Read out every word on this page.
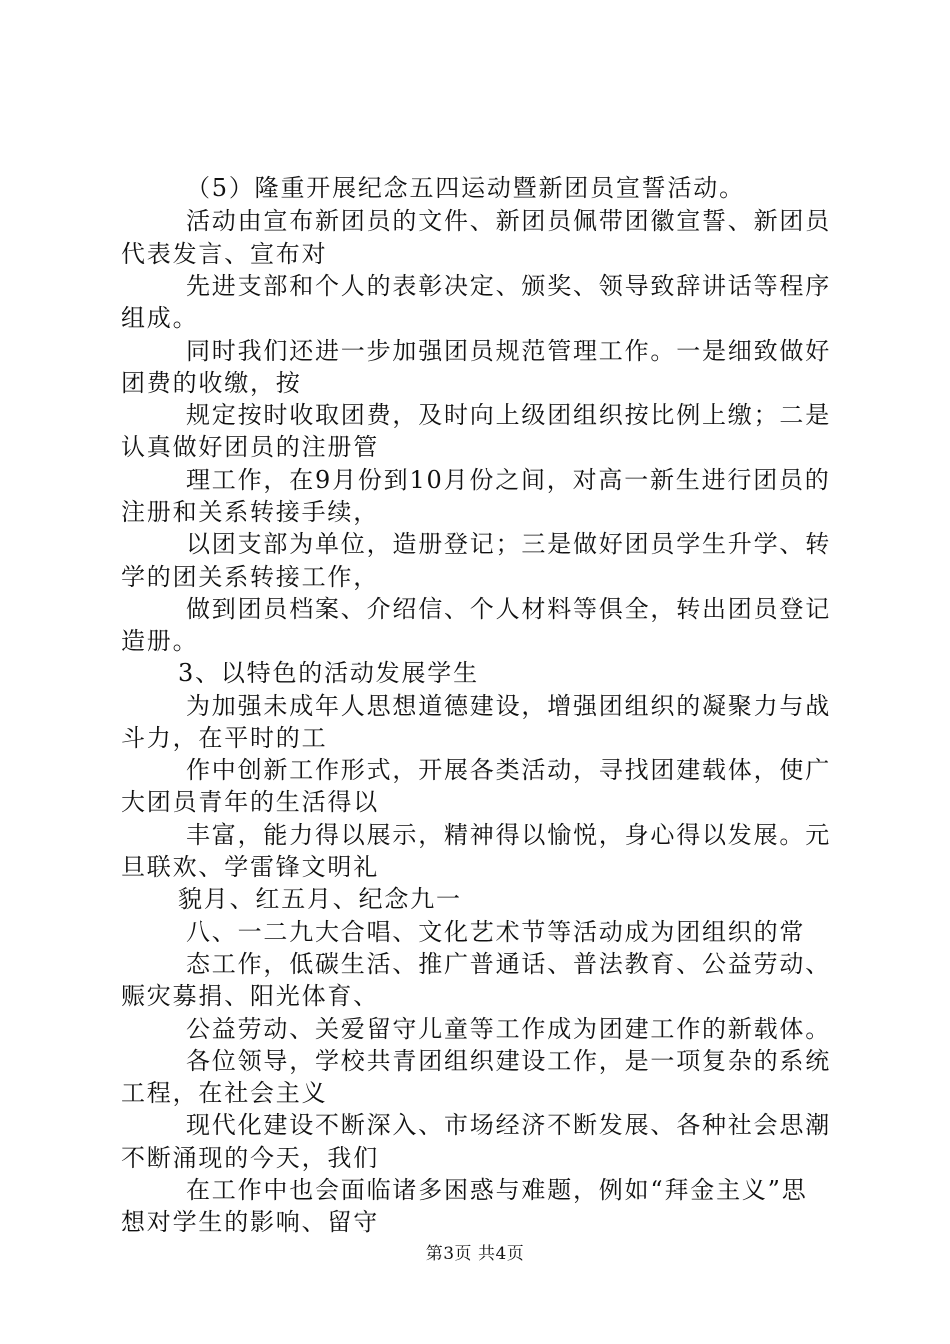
（5）隆重开展纪念五四运动暨新团员宣誓活动。
活动由宣布新团员的文件、新团员佩带团徽宣誓、新团员
代表发言、宣布对
先进支部和个人的表彰决定、颁奖、领导致辞讲话等程序
组成。
同时我们还进一步加强团员规范管理工作。一是细致做好
团费的收缴，按
规定按时收取团费，及时向上级团组织按比例上缴；二是
认真做好团员的注册管
理工作，在9月份到10月份之间，对高一新生进行团员的
注册和关系转接手续，
以团支部为单位，造册登记；三是做好团员学生升学、转
学的团关系转接工作，
做到团员档案、介绍信、个人材料等俱全，转出团员登记
造册。
3、以特色的活动发展学生
为加强未成年人思想道德建设，增强团组织的凝聚力与战
斗力，在平时的工
作中创新工作形式，开展各类活动，寻找团建载体，使广
大团员青年的生活得以
丰富，能力得以展示，精神得以愉悦，身心得以发展。元
旦联欢、学雷锋文明礼
貌月、红五月、纪念九一
八、一二九大合唱、文化艺术节等活动成为团组织的常
态工作，低碳生活、推广普通话、普法教育、公益劳动、
赈灾募捐、阳光体育、
公益劳动、关爱留守儿童等工作成为团建工作的新载体。
各位领导，学校共青团组织建设工作，是一项复杂的系统
工程，在社会主义
现代化建设不断深入、市场经济不断发展、各种社会思潮
不断涌现的今天，我们
在工作中也会面临诸多困惑与难题，例如“拜金主义”思
想对学生的影响、留守
第3页 共4页
